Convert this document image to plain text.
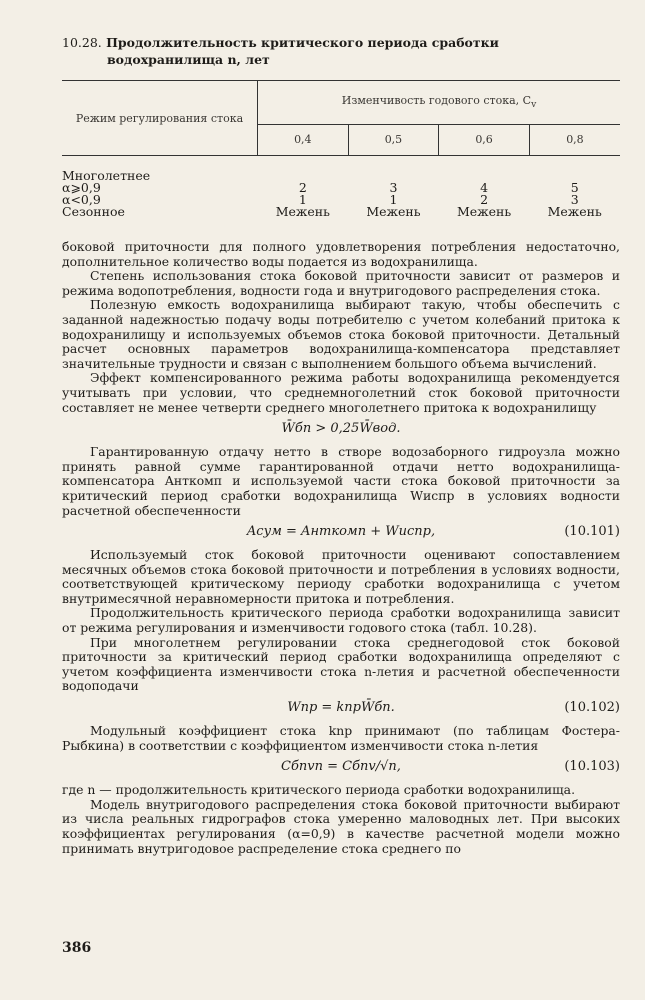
10.28. Продолжительность критического периода сработки
водохранилища n, лет
Режим регулирования стока	Изменчивость годового стока, $C_v$
	0,4	0,5	0,6	0,8
Многолетнее				
α⩾0,9	2	3	4	5
α<0,9	1	1	2	3
Сезонное	Межень	Межень	Межень	Межень

боковой приточности для полного удовлетворения потребления недостаточно, дополнительное количество воды подается из водохранилища.

Степень использования стока боковой приточности зависит от размеров и режима водопотребления, водности года и внутригодового распределения стока.

Полезную емкость водохранилища выбирают такую, чтобы обеспечить с заданной надежностью подачу воды потребителю с учетом колебаний притока к водохранилищу и используемых объемов стока боковой приточности. Детальный расчет основных параметров водохранилища-компенсатора представляет значительные трудности и связан с выполнением большого объема вычислений.

Эффект компенсированного режима работы водохранилища рекомендуется учитывать при условии, что среднемноголетний сток боковой приточности составляет не менее четверти среднего многолетнего притока к водохранилищу

W̄бп > 0,25W̄вод.

Гарантированную отдачу нетто в створе водозаборного гидроузла можно принять равной сумме гарантированной отдачи нетто водохранилища-компенсатора Aнткомп и используемой части стока боковой приточности за критический период сработки водохранилища Wиспp в условиях водности расчетной обеспеченности

Aсум = Aнткомп + Wиспp,	(10.101)

Используемый сток боковой приточности оценивают сопоставлением месячных объемов стока боковой приточности и потребления в условиях водности, соответствующей критическому периоду сработки водохранилища с учетом внутримесячной неравномерности притока и потребления.

Продолжительность критического периода сработки водохранилища зависит от режима регулирования и изменчивости годового стока (табл. 10.28).

При многолетнем регулировании стока среднегодовой сток боковой приточности за критический период сработки водохранилища определяют с учетом коэффициента изменчивости стока n-летия и расчетной обеспеченности водоподачи

Wnp = knpW̄бп.	(10.102)

Модульный коэффициент стока knp принимают (по таблицам Фостера-Рыбкина) в соответствии с коэффициентом изменчивости стока n-летия

Cбпvn = Cбпv/√n,	(10.103)

где n — продолжительность критического периода сработки водохранилища.

Модель внутригодового распределения стока боковой приточности выбирают из числа реальных гидрографов стока умеренно маловодных лет. При высоких коэффициентах регулирования (α=0,9) в качестве расчетной модели можно принимать внутригодовое распределение стока среднего по

386
